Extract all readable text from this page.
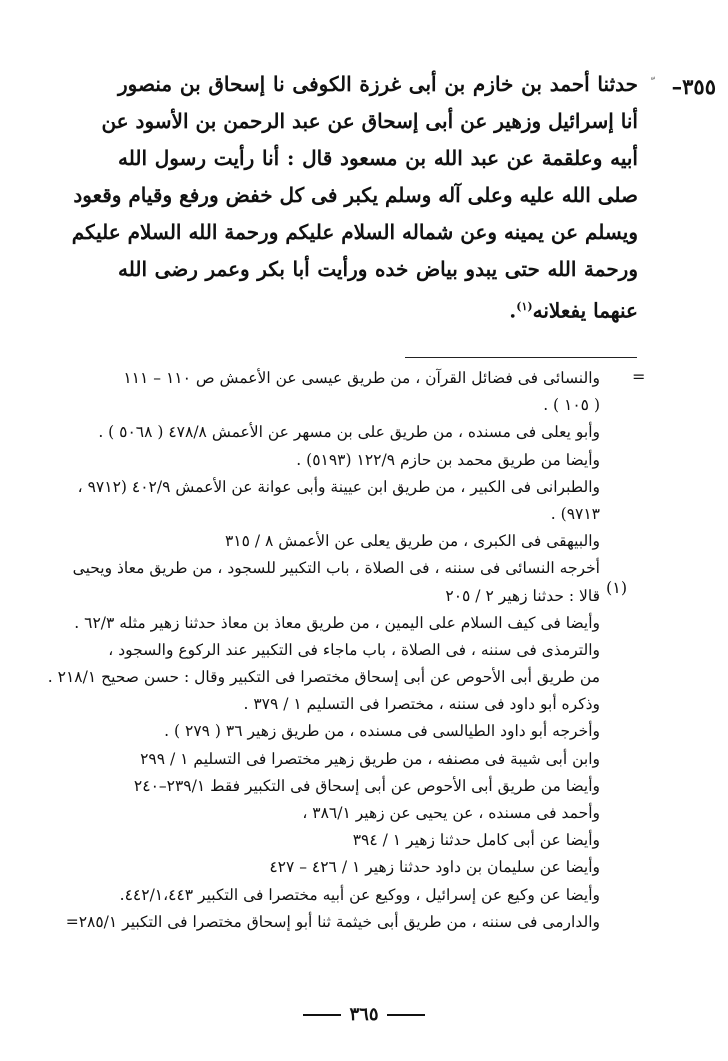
٣٥٥–
حدثنا أحمد بن خازم بن أبى غرزة الكوفى نا إسحاق بن منصور
أنا إسرائيل وزهير عن أبى إسحاق عن عبد الرحمن بن الأسود عن
أبيه وعلقمة عن عبد الله بن مسعود قال : أنا رأيت رسول الله
صلى الله عليه وعلى آله وسلم يكبر فى كل خفض ورفع وقيام وقعود
ويسلم عن يمينه وعن شماله السلام عليكم ورحمة الله السلام عليكم
ورحمة الله حتى يبدو بياض خده ورأيت أبا بكر وعمر رضى الله
عنهما يفعلانه$^{(١)}$.
=
(١)
والنسائى فى فضائل القرآن ، من طريق عيسى عن الأعمش ص ١١٠ – ١١١
( ١٠٥ ) .
وأبو يعلى فى مسنده ، من طريق على بن مسهر عن الأعمش ٤٧٨/٨ ( ٥٠٦٨ ) .
وأيضا من طريق محمد بن حازم ١٢٢/٩ (٥١٩٣) .
والطبرانى فى الكبير ، من طريق ابن عيينة وأبى عوانة عن الأعمش ٤٠٢/٩ (٩٧١٢ ،
٩٧١٣) .
والبيهقى فى الكبرى ، من طريق يعلى عن الأعمش ٨ / ٣١٥
أخرجه النسائى فى سننه ، فى الصلاة ، باب التكبير للسجود ، من طريق معاذ ويحيى
قالا : حدثنا زهير ٢ / ٢٠٥
وأيضا فى كيف السلام على اليمين ، من طريق معاذ بن معاذ حدثنا زهير مثله ٦٢/٣ .
والترمذى فى سننه ، فى الصلاة ، باب ماجاء فى التكبير عند الركوع والسجود ،
من طريق أبى الأحوص عن أبى إسحاق مختصرا فى التكبير وقال : حسن صحيح ٢١٨/١ .
وذكره أبو داود فى سننه ، مختصرا فى التسليم ١ / ٣٧٩ .
وأخرجه أبو داود الطيالسى فى مسنده ، من طريق زهير ٣٦ ( ٢٧٩ ) .
وابن أبى شيبة فى مصنفه ، من طريق زهير مختصرا فى التسليم ١ / ٢٩٩
وأيضا من طريق أبى الأحوص عن أبى إسحاق فى التكبير فقط ٢٣٩/١–٢٤٠
وأحمد فى مسنده ، عن يحيى عن زهير ٣٨٦/١ ،
وأيضا عن أبى كامل حدثنا زهير ١ / ٣٩٤
وأيضا عن سليمان بن داود حدثنا زهير ١ / ٤٢٦ – ٤٢٧
وأيضا عن وكيع عن إسرائيل ، ووكيع عن أبيه مختصرا فى التكبير ٤٤٢/١،٤٤٣.
والدارمى فى سننه ، من طريق أبى خيثمة ثنا أبو إسحاق مختصرا فى التكبير ٢٨٥/١=
٣٦٥
